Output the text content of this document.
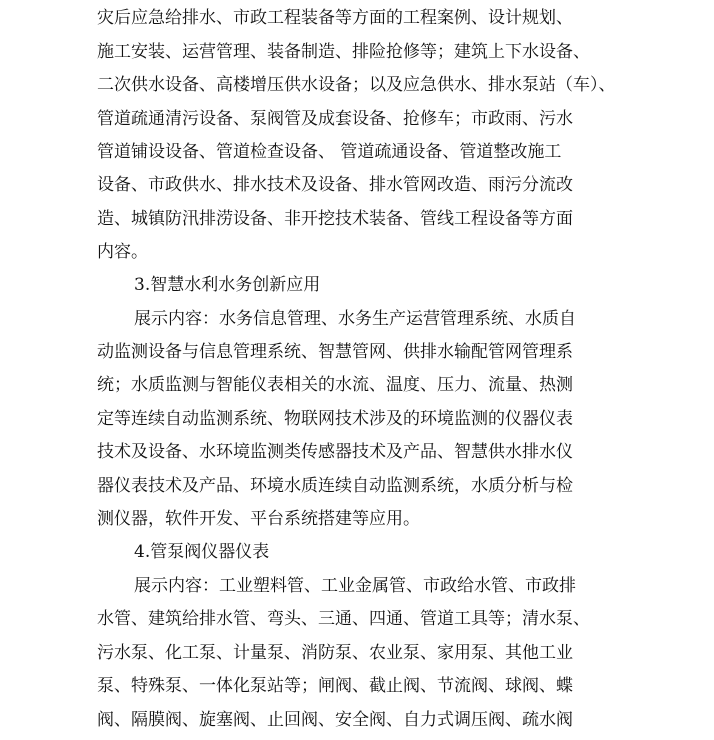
灾后应急给排水、市政工程装备等方面的工程案例、设计规划、
施工安装、运营管理、装备制造、排险抢修等；建筑上下水设备、
二次供水设备、高楼增压供水设备；以及应急供水、排水泵站（车）、
管道疏通清污设备、泵阀管及成套设备、抢修车；市政雨、污水
管道铺设设备、管道检查设备、 管道疏通设备、管道整改施工
设备、市政供水、排水技术及设备、排水管网改造、雨污分流改
造、城镇防汛排涝设备、非开挖技术装备、管线工程设备等方面
内容。
3.智慧水利水务创新应用
展示内容：水务信息管理、水务生产运营管理系统、水质自
动监测设备与信息管理系统、智慧管网、供排水输配管网管理系
统；水质监测与智能仪表相关的水流、温度、压力、流量、热测
定等连续自动监测系统、物联网技术涉及的环境监测的仪器仪表
技术及设备、水环境监测类传感器技术及产品、智慧供水排水仪
器仪表技术及产品、环境水质连续自动监测系统，水质分析与检
测仪器，软件开发、平台系统搭建等应用。
4.管泵阀仪器仪表
展示内容：工业塑料管、工业金属管、市政给水管、市政排
水管、建筑给排水管、弯头、三通、四通、管道工具等；清水泵、
污水泵、化工泵、计量泵、消防泵、农业泵、家用泵、其他工业
泵、特殊泵、一体化泵站等；闸阀、截止阀、节流阀、球阀、蝶
阀、隔膜阀、旋塞阀、止回阀、安全阀、自力式调压阀、疏水阀
